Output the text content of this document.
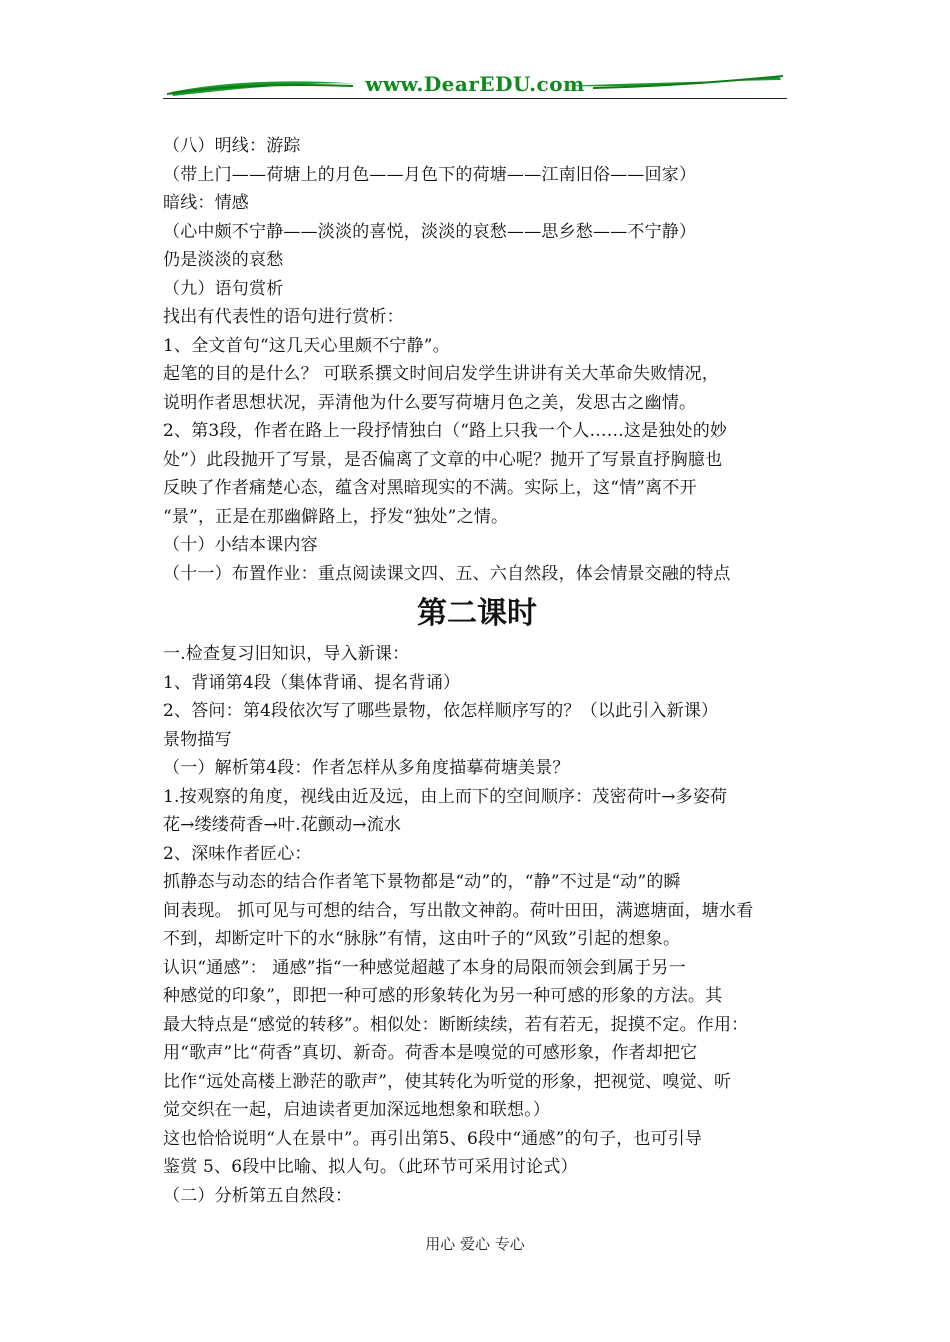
www.DearEDU.com
（八）明线：游踪
（带上门——荷塘上的月色——月色下的荷塘——江南旧俗——回家）
暗线：情感
（心中颇不宁静——淡淡的喜悦，淡淡的哀愁——思乡愁——不宁静）
仍是淡淡的哀愁
（九）语句赏析
找出有代表性的语句进行赏析：
1、全文首句“这几天心里颇不宁静”。
起笔的目的是什么？ 可联系撰文时间启发学生讲讲有关大革命失败情况，
说明作者思想状况，弄清他为什么要写荷塘月色之美，发思古之幽情。
2、第3段，作者在路上一段抒情独白（“路上只我一个人……这是独处的妙
处”）此段抛开了写景，是否偏离了文章的中心呢？抛开了写景直抒胸臆也
反映了作者痛楚心态，蕴含对黑暗现实的不满。实际上，这“情”离不开
“景”，正是在那幽僻路上，抒发“独处”之情。
（十）小结本课内容
（十一）布置作业：重点阅读课文四、五、六自然段，体会情景交融的特点
第二课时
一.检查复习旧知识，导入新课：
1、背诵第4段（集体背诵、提名背诵）
2、答问：第4段依次写了哪些景物，依怎样顺序写的？（以此引入新课）
景物描写
（一）解析第4段：作者怎样从多角度描摹荷塘美景？
1.按观察的角度，视线由近及远，由上而下的空间顺序：茂密荷叶→多姿荷
花→缕缕荷香→叶.花颤动→流水
2、深味作者匠心：
抓静态与动态的结合作者笔下景物都是“动”的，“静”不过是“动”的瞬
间表现。 抓可见与可想的结合，写出散文神韵。荷叶田田，满遮塘面，塘水看
不到，却断定叶下的水“脉脉”有情，这由叶子的“风致”引起的想象。
认识“通感”： 通感”指“一种感觉超越了本身的局限而领会到属于另一
种感觉的印象”，即把一种可感的形象转化为另一种可感的形象的方法。其
最大特点是“感觉的转移”。相似处：断断续续，若有若无，捉摸不定。作用：
用“歌声”比“荷香”真切、新奇。荷香本是嗅觉的可感形象，作者却把它
比作“远处高楼上渺茫的歌声”，使其转化为听觉的形象，把视觉、嗅觉、听
觉交织在一起，启迪读者更加深远地想象和联想。）
这也恰恰说明“人在景中”。再引出第5、6段中“通感”的句子，也可引导
鉴赏 5、6段中比喻、拟人句。（此环节可采用讨论式）
（二）分析第五自然段：
用心 爱心 专心
